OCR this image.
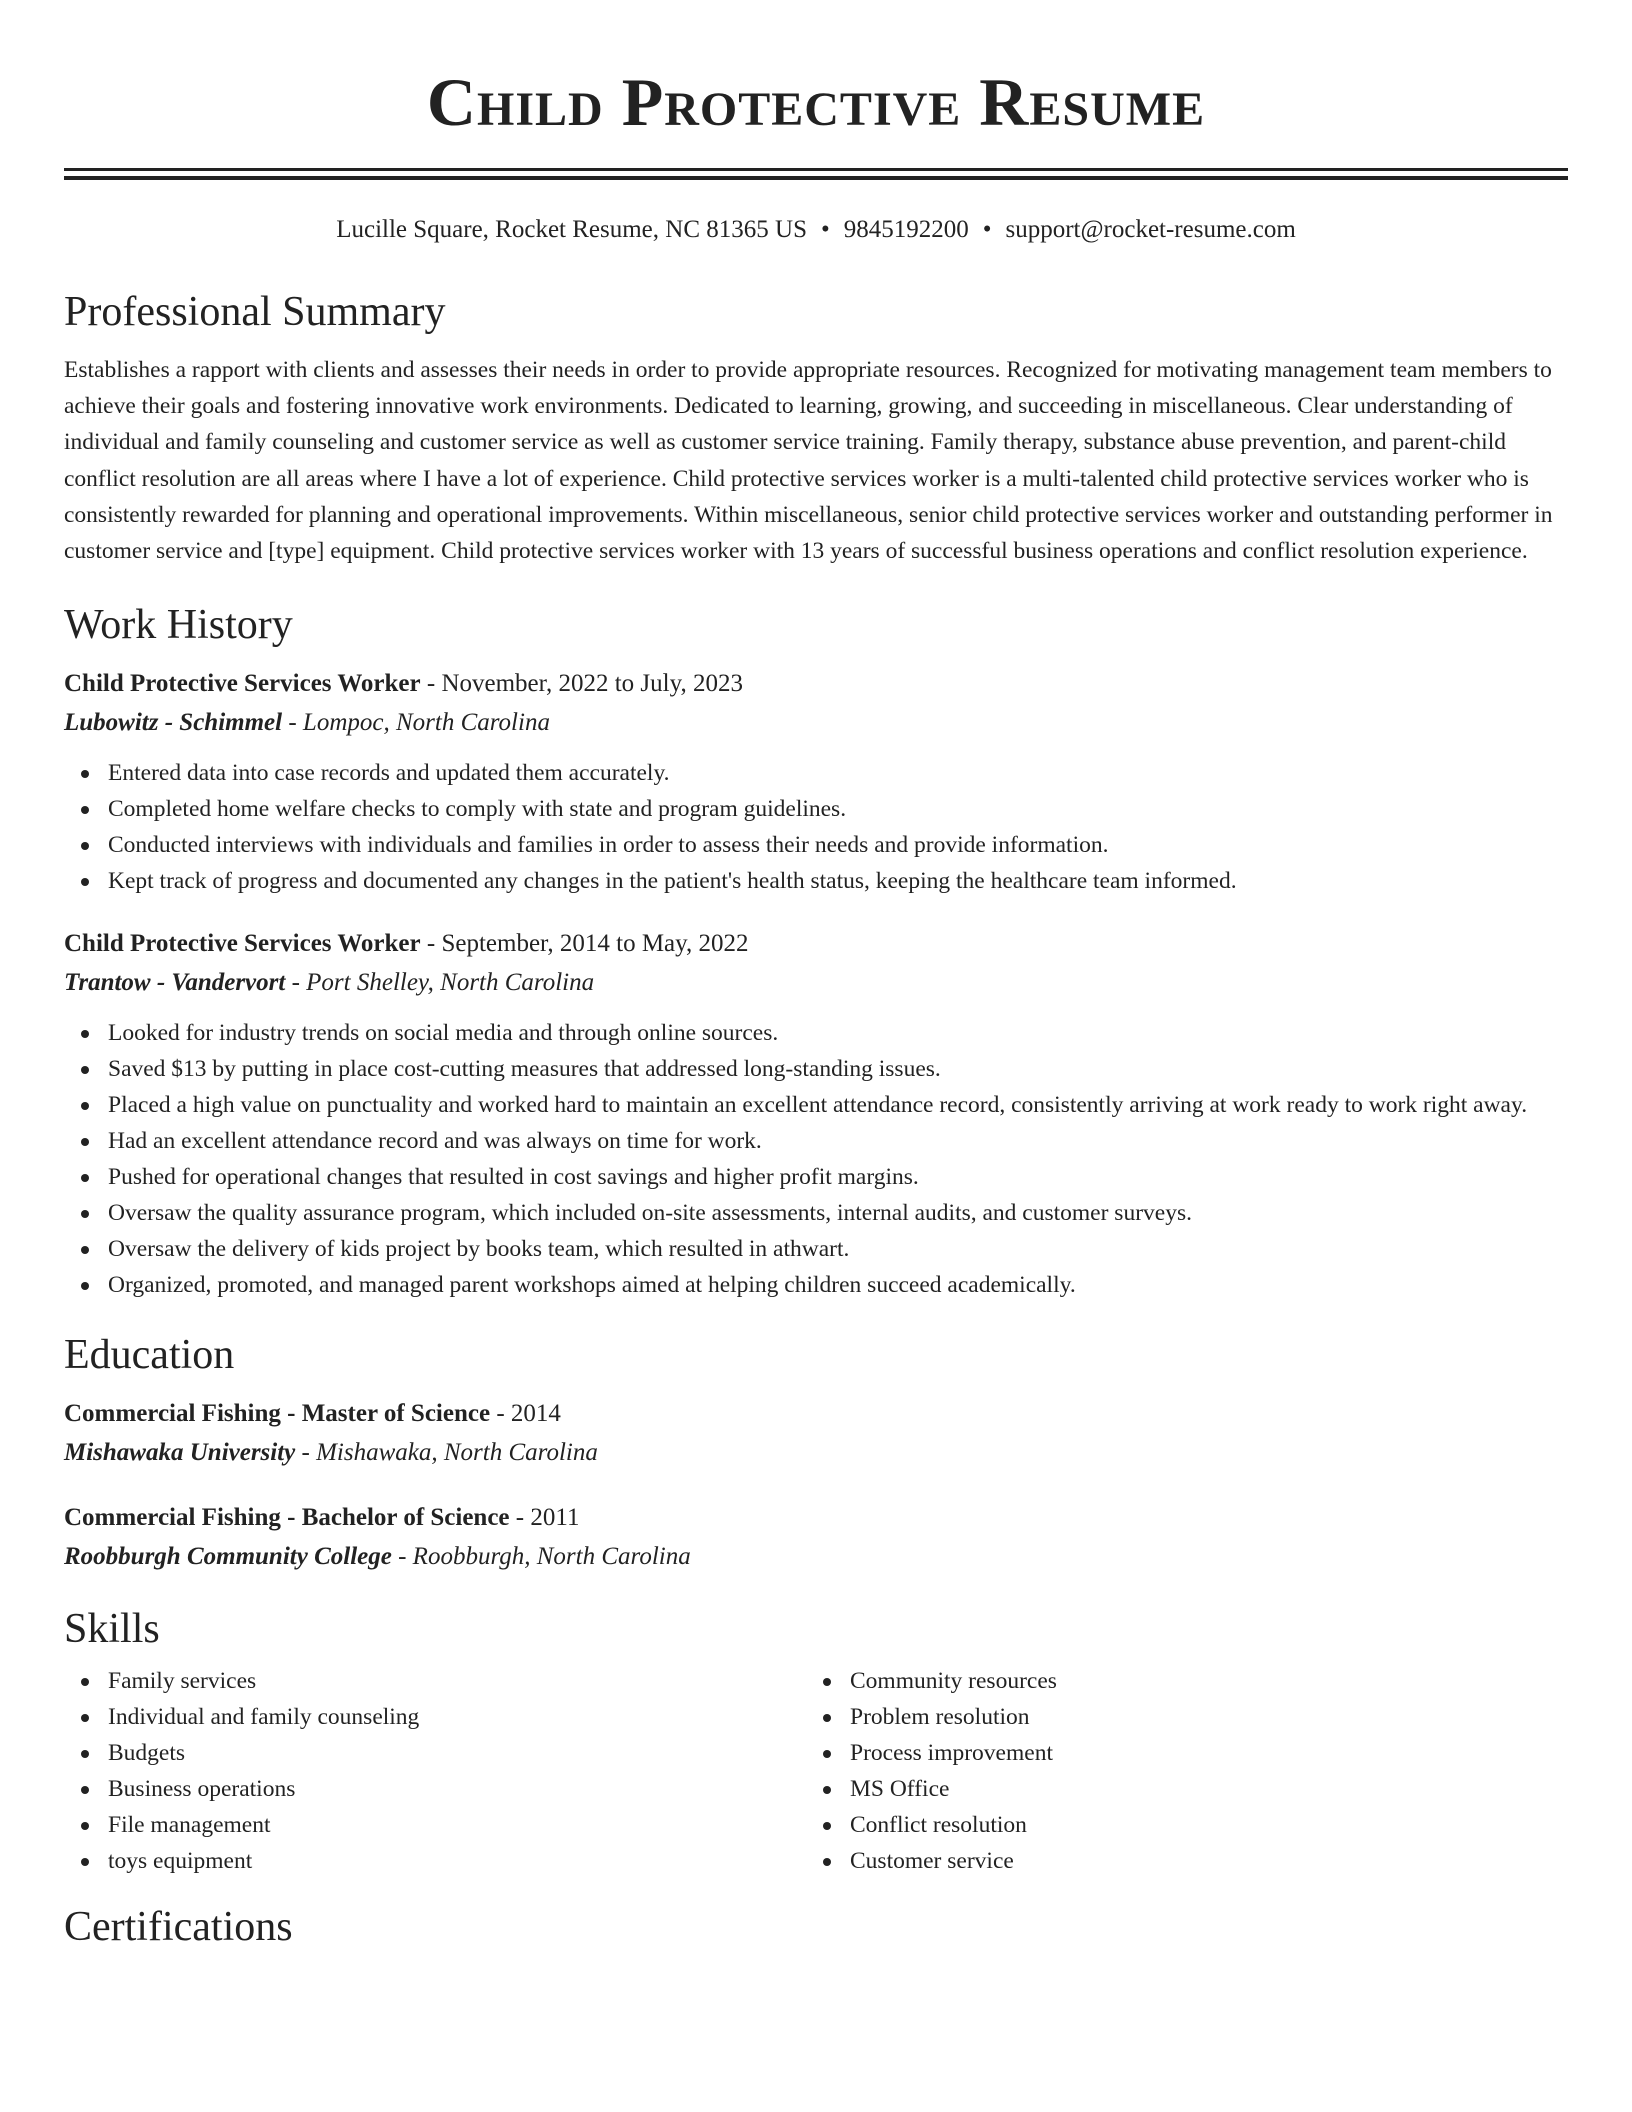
Child Protective Resume
Lucille Square, Rocket Resume, NC 81365 US • 9845192200 • support@rocket-resume.com
Professional Summary

Establishes a rapport with clients and assesses their needs in order to provide appropriate resources. Recognized for motivating management team members to achieve their goals and fostering innovative work environments. Dedicated to learning, growing, and succeeding in miscellaneous. Clear understanding of individual and family counseling and customer service as well as customer service training. Family therapy, substance abuse prevention, and parent-child conflict resolution are all areas where I have a lot of experience. Child protective services worker is a multi-talented child protective services worker who is consistently rewarded for planning and operational improvements. Within miscellaneous, senior child protective services worker and outstanding performer in customer service and [type] equipment. Child protective services worker with 13 years of successful business operations and conflict resolution experience.

Work History
Child Protective Services Worker - November, 2022 to July, 2023
Lubowitz - Schimmel - Lompoc, North Carolina
Entered data into case records and updated them accurately.
Completed home welfare checks to comply with state and program guidelines.
Conducted interviews with individuals and families in order to assess their needs and provide information.
Kept track of progress and documented any changes in the patient's health status, keeping the healthcare team informed.
Child Protective Services Worker - September, 2014 to May, 2022
Trantow - Vandervort - Port Shelley, North Carolina
Looked for industry trends on social media and through online sources.
Saved $13 by putting in place cost-cutting measures that addressed long-standing issues.
Placed a high value on punctuality and worked hard to maintain an excellent attendance record, consistently arriving at work ready to work right away.
Had an excellent attendance record and was always on time for work.
Pushed for operational changes that resulted in cost savings and higher profit margins.
Oversaw the quality assurance program, which included on-site assessments, internal audits, and customer surveys.
Oversaw the delivery of kids project by books team, which resulted in athwart.
Organized, promoted, and managed parent workshops aimed at helping children succeed academically.
Education
Commercial Fishing - Master of Science - 2014
Mishawaka University - Mishawaka, North Carolina
Commercial Fishing - Bachelor of Science - 2011
Roobburgh Community College - Roobburgh, North Carolina
Skills
Family services
Individual and family counseling
Budgets
Business operations
File management
toys equipment
Community resources
Problem resolution
Process improvement
MS Office
Conflict resolution
Customer service
Certifications
